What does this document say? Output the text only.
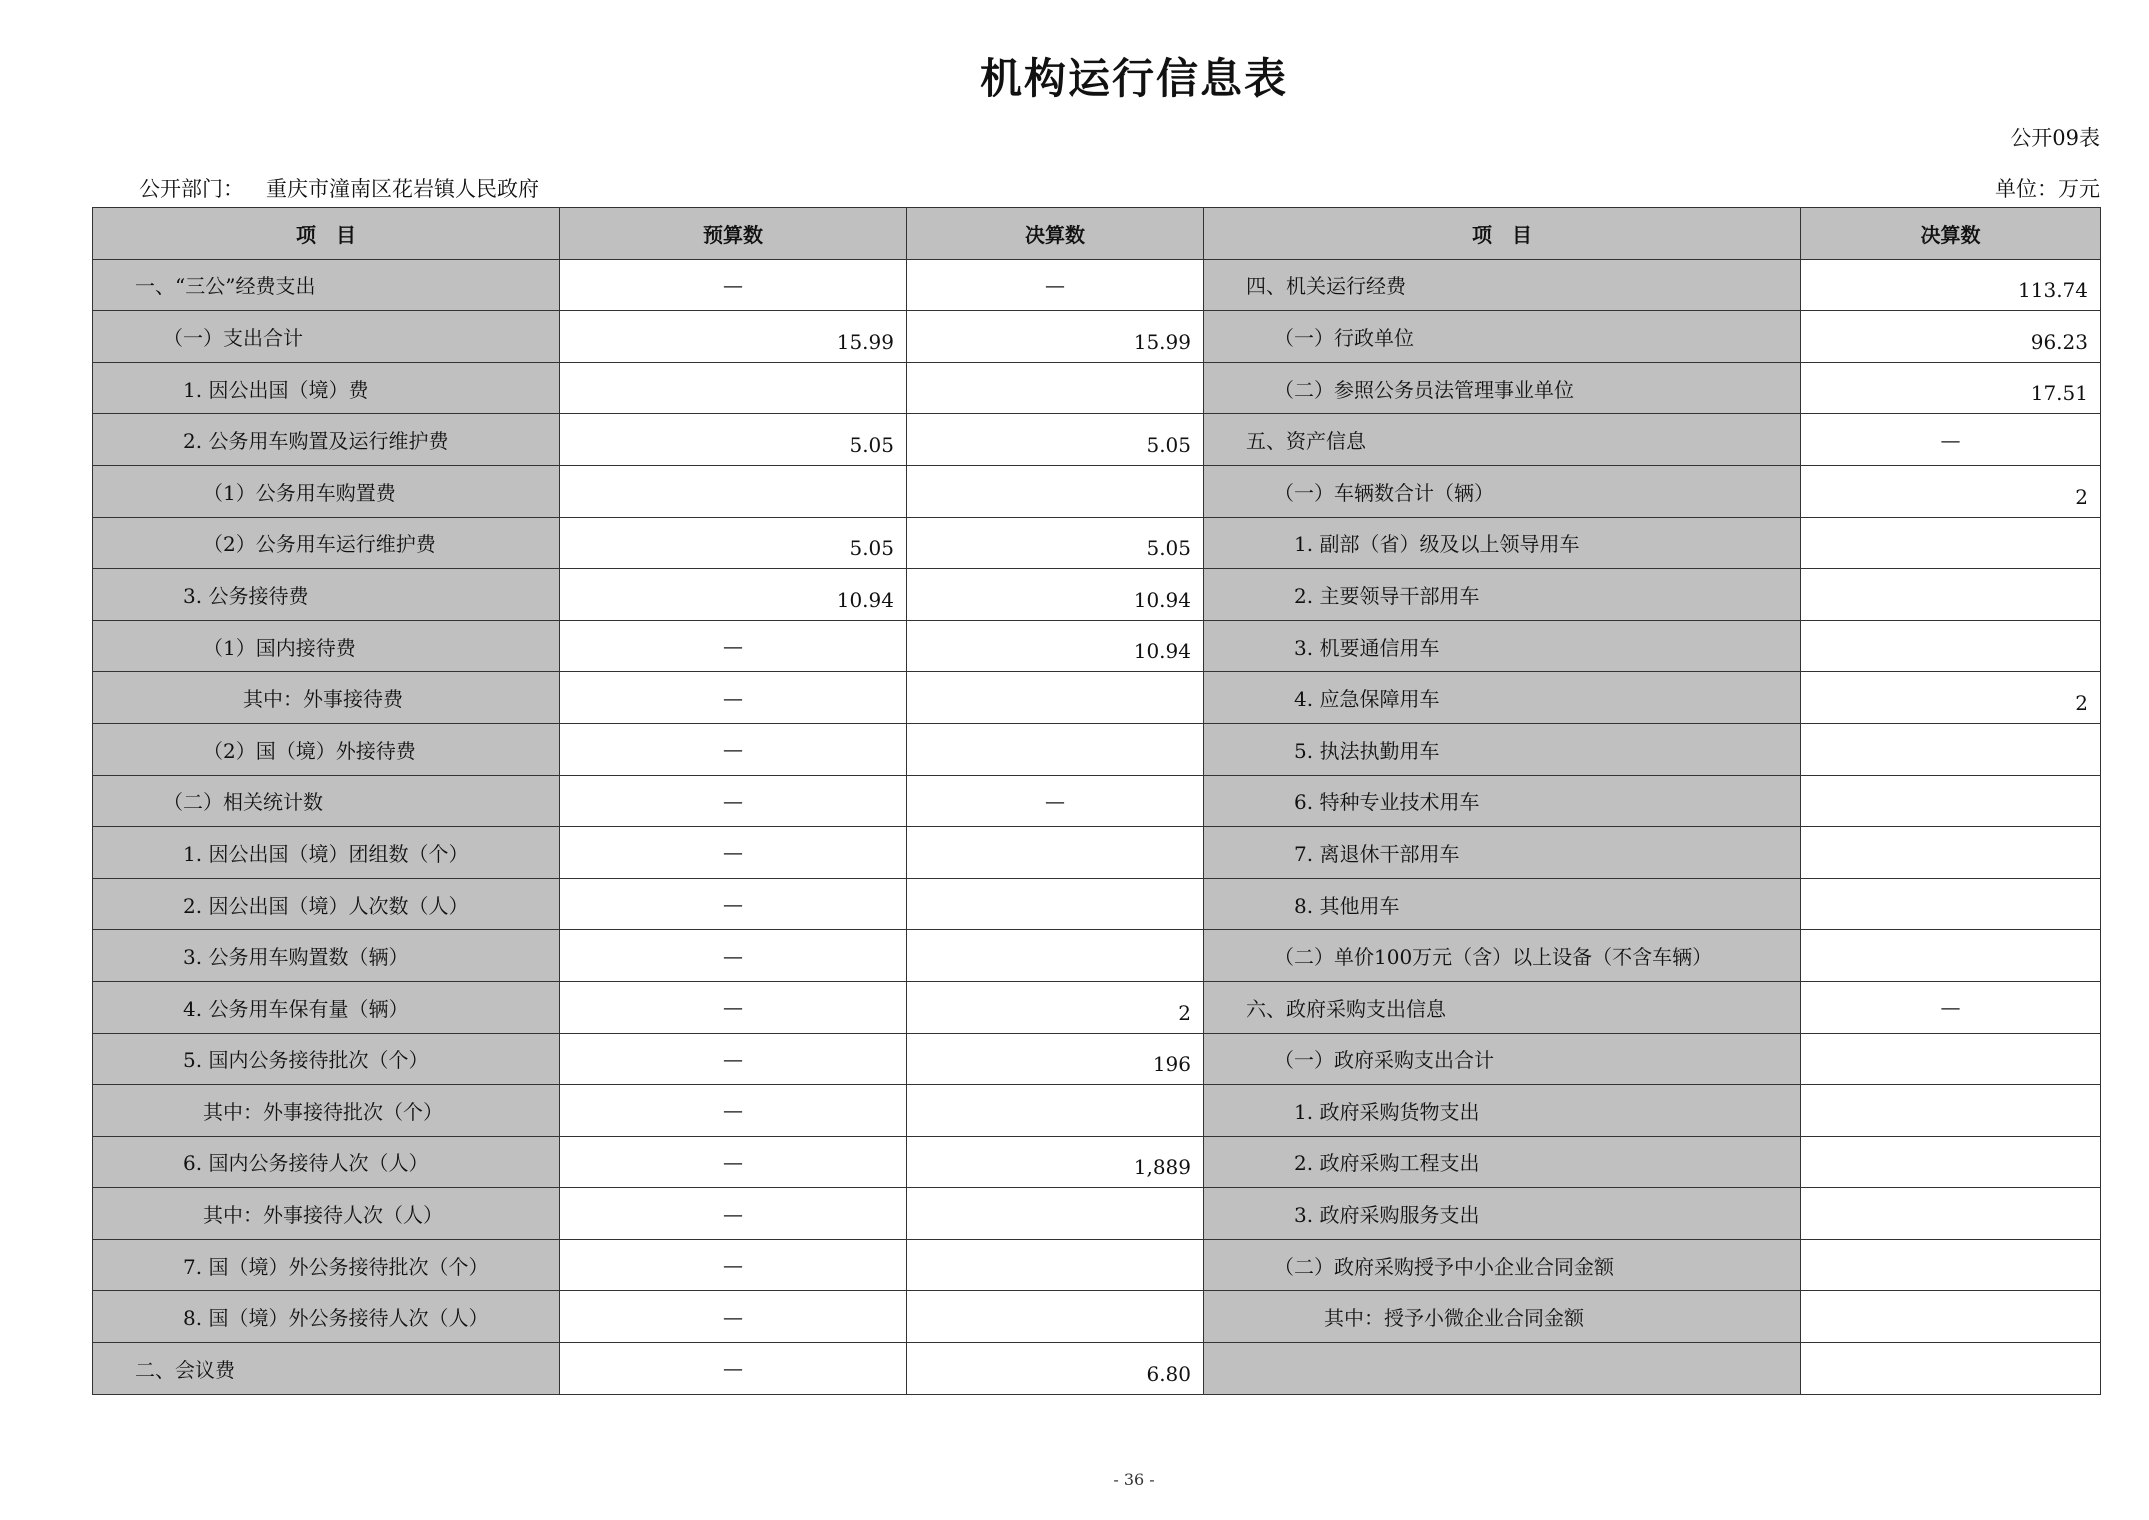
机构运行信息表
公开09表
公开部门： 重庆市潼南区花岩镇人民政府	单位：万元
项　目	预算数	决算数	项　目	决算数
一、“三公”经费支出	—	—	四、机关运行经费	113.74
（一）支出合计	15.99	15.99	（一）行政单位	96.23
1. 因公出国（境）费			（二）参照公务员法管理事业单位	17.51
2. 公务用车购置及运行维护费	5.05	5.05	五、资产信息	—
（1）公务用车购置费			（一）车辆数合计（辆）	2
（2）公务用车运行维护费	5.05	5.05	1. 副部（省）级及以上领导用车	
3. 公务接待费	10.94	10.94	2. 主要领导干部用车	
（1）国内接待费	—	10.94	3. 机要通信用车	
其中：外事接待费	—		4. 应急保障用车	2
（2）国（境）外接待费	—		5. 执法执勤用车	
（二）相关统计数	—	—	6. 特种专业技术用车	
1. 因公出国（境）团组数（个）	—		7. 离退休干部用车	
2. 因公出国（境）人次数（人）	—		8. 其他用车	
3. 公务用车购置数（辆）	—		（二）单价100万元（含）以上设备（不含车辆）	
4. 公务用车保有量（辆）	—	2	六、政府采购支出信息	—
5. 国内公务接待批次（个）	—	196	（一）政府采购支出合计	
其中：外事接待批次（个）	—		1. 政府采购货物支出	
6. 国内公务接待人次（人）	—	1,889	2. 政府采购工程支出	
其中：外事接待人次（人）	—		3. 政府采购服务支出	
7. 国（境）外公务接待批次（个）	—		（二）政府采购授予中小企业合同金额	
8. 国（境）外公务接待人次（人）	—		其中：授予小微企业合同金额	
二、会议费	—	6.80		
- 36 -
